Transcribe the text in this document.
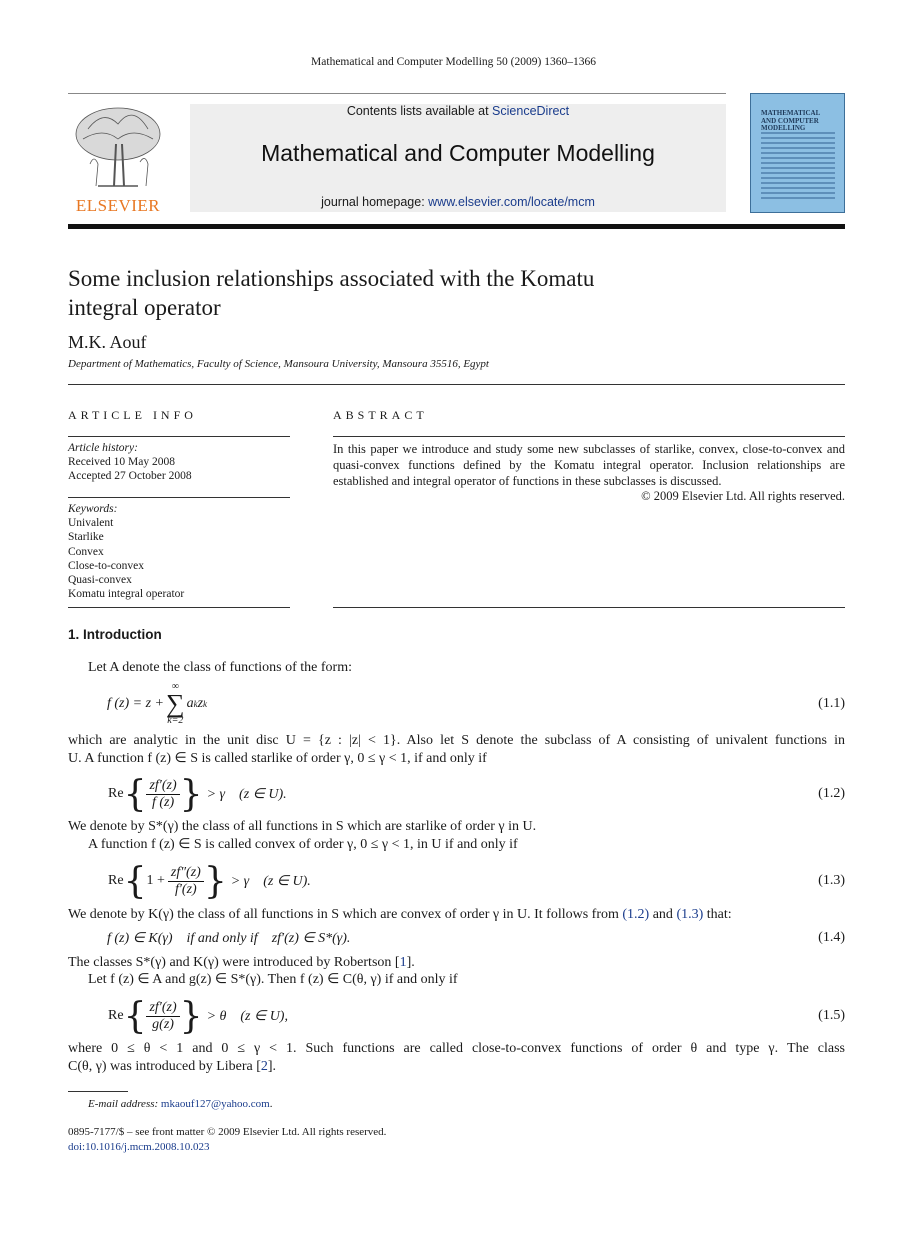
Mathematical and Computer Modelling 50 (2009) 1360–1366
ELSEVIER
Contents lists available at ScienceDirect
Mathematical and Computer Modelling
journal homepage: www.elsevier.com/locate/mcm
MATHEMATICAL AND COMPUTER MODELLING
Some inclusion relationships associated with the Komatu
integral operator
M.K. Aouf
Department of Mathematics, Faculty of Science, Mansoura University, Mansoura 35516, Egypt
ARTICLE INFO
Article history:
Received 10 May 2008
Accepted 27 October 2008
Keywords:
Univalent
Starlike
Convex
Close-to-convex
Quasi-convex
Komatu integral operator
ABSTRACT
In this paper we introduce and study some new subclasses of starlike, convex, close-to-convex and quasi-convex functions defined by the Komatu integral operator. Inclusion relationships are established and integral operator of functions in these subclasses is discussed.
© 2009 Elsevier Ltd. All rights reserved.
1. Introduction
Let A denote the class of functions of the form:
f (z) = z +
∞
∑
k=2
a k z k	(1.1)
which are analytic in the unit disc U = {z : |z| < 1}. Also let S denote the subclass of A consisting of univalent functions in
U. A function f (z) ∈ S is called starlike of order γ, 0 ≤ γ < 1, if and only if
Re { $\frac{zf'(z)}{f (z)}$ } > γ    (z ∈ U).	(1.2)
We denote by S*(γ) the class of all functions in S which are starlike of order γ in U.
A function f (z) ∈ S is called convex of order γ, 0 ≤ γ < 1, in U if and only if
Re { $1 + \frac{zf''(z)}{f'(z)}$ } > γ    (z ∈ U).	(1.3)
We denote by K(γ) the class of all functions in S which are convex of order γ in U. It follows from (1.2) and (1.3) that:
f (z) ∈ K(γ)    if and only if    zf′(z) ∈ S*(γ).	(1.4)
The classes S*(γ) and K(γ) were introduced by Robertson [1].
Let f (z) ∈ A and g(z) ∈ S*(γ). Then f (z) ∈ C(θ, γ) if and only if
Re { $\frac{zf'(z)}{g(z)}$ } > θ    (z ∈ U),	(1.5)
where 0 ≤ θ < 1 and 0 ≤ γ < 1. Such functions are called close-to-convex functions of order θ and type γ. The class
C(θ, γ) was introduced by Libera [2].
E-mail address: mkaouf127@yahoo.com.
0895-7177/$ – see front matter © 2009 Elsevier Ltd. All rights reserved.
doi:10.1016/j.mcm.2008.10.023
